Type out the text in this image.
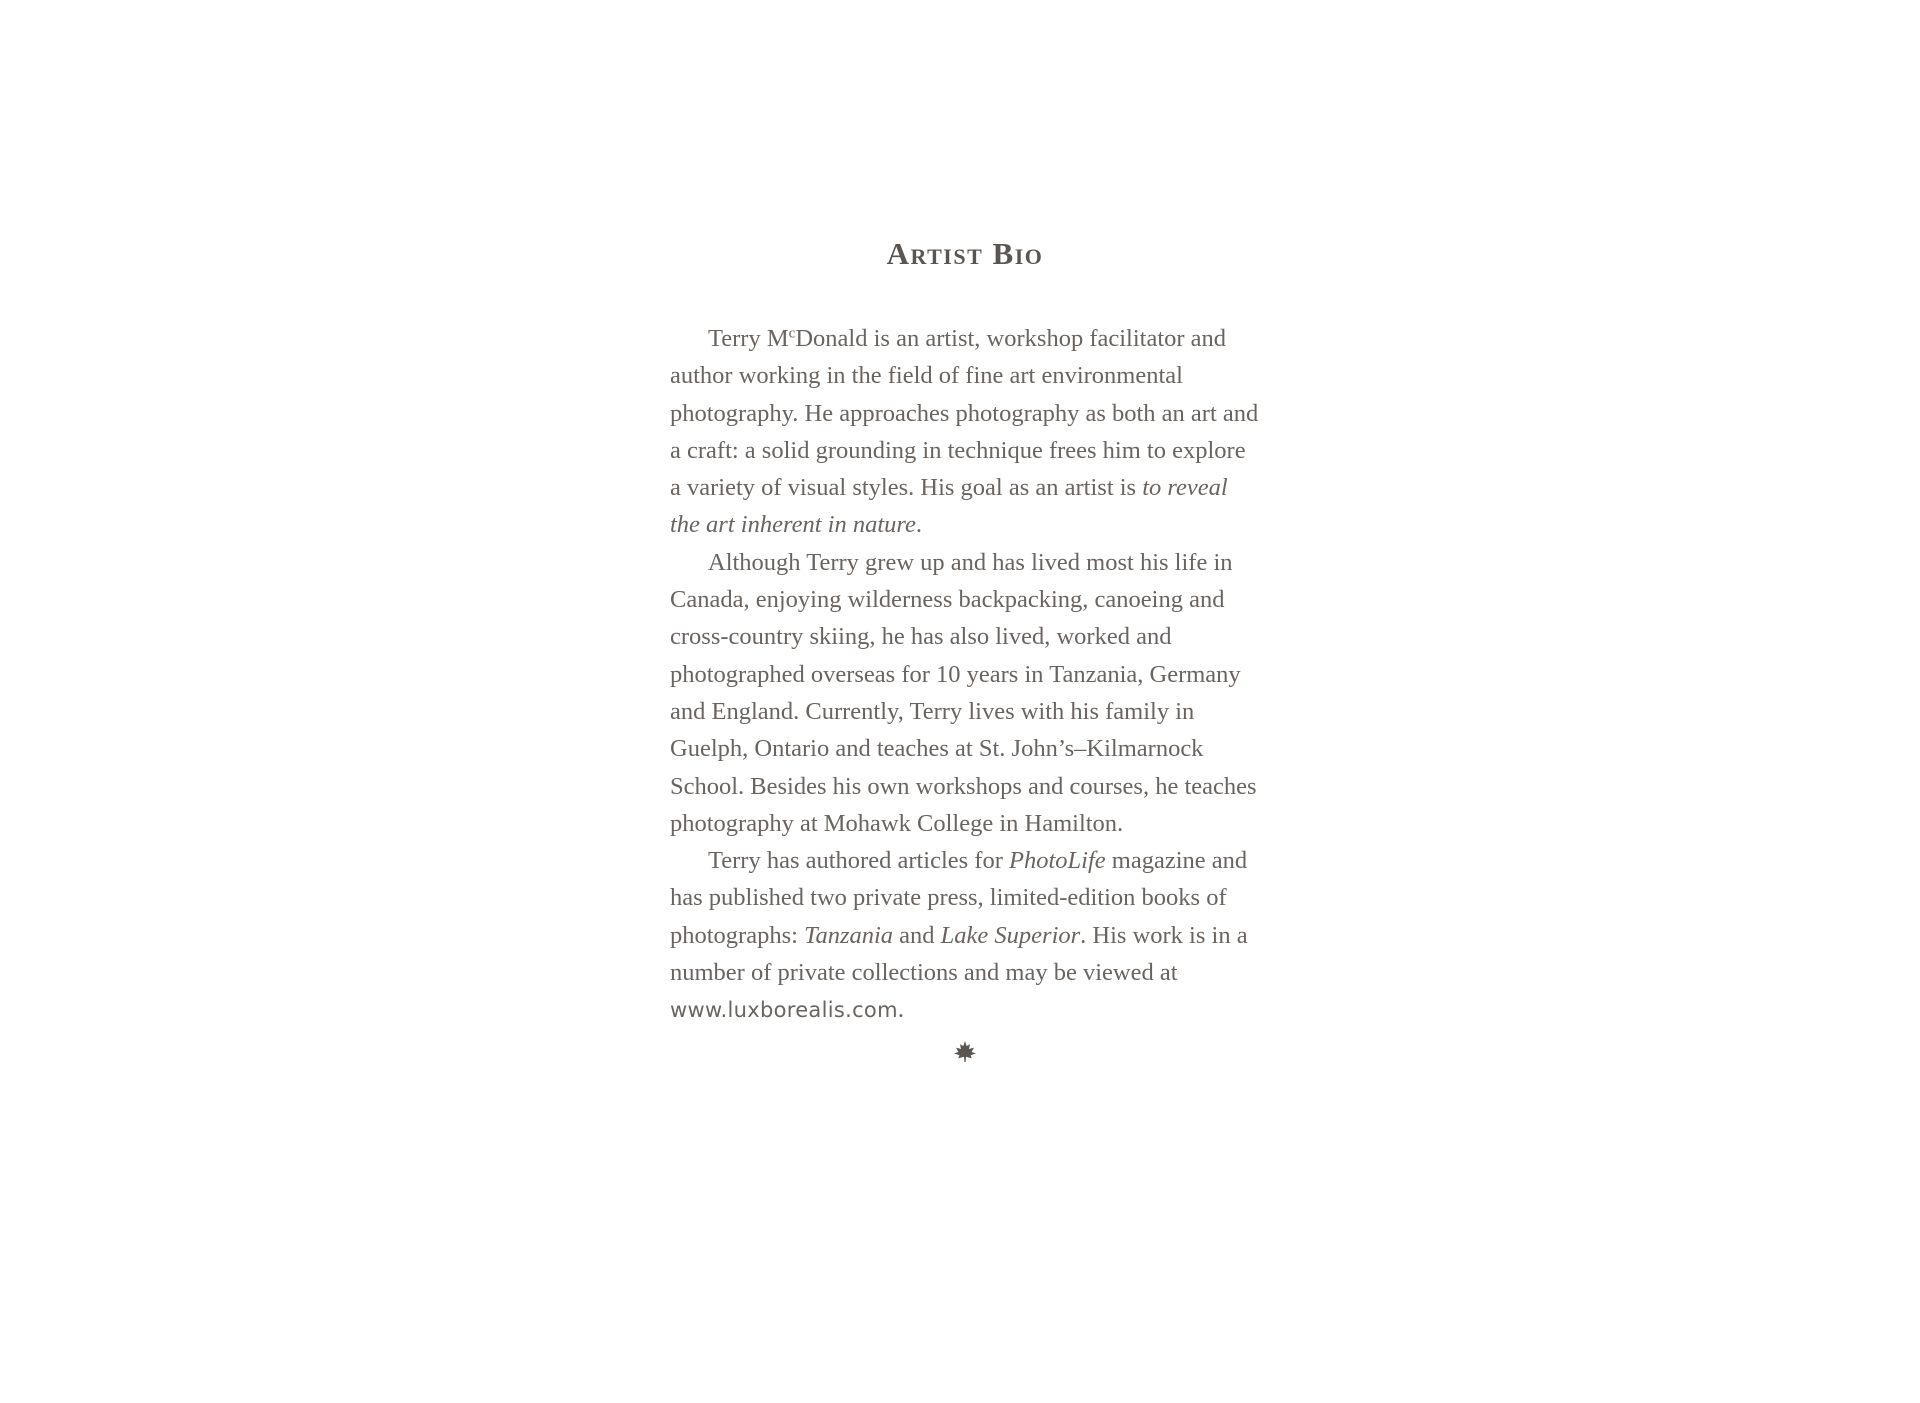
Artist Bio

Terry $M^cDonald$ is an artist, workshop facilitator and author working in the field of fine art environmental photography. He approaches photography as both an art and a craft: a solid grounding in technique frees him to explore a variety of visual styles. His goal as an artist is to reveal the art inherent in nature.

Although Terry grew up and has lived most his life in Canada, enjoying wilderness backpacking, canoeing and cross-country skiing, he has also lived, worked and photographed overseas for 10 years in Tanzania, Germany and England. Currently, Terry lives with his family in Guelph, Ontario and teaches at St. John’s–Kilmarnock School. Besides his own workshops and courses, he teaches photography at Mohawk College in Hamilton.

Terry has authored articles for PhotoLife magazine and has published two private press, limited-edition books of photographs: Tanzania and Lake Superior. His work is in a number of private collections and may be viewed at www.luxborealis.com.
